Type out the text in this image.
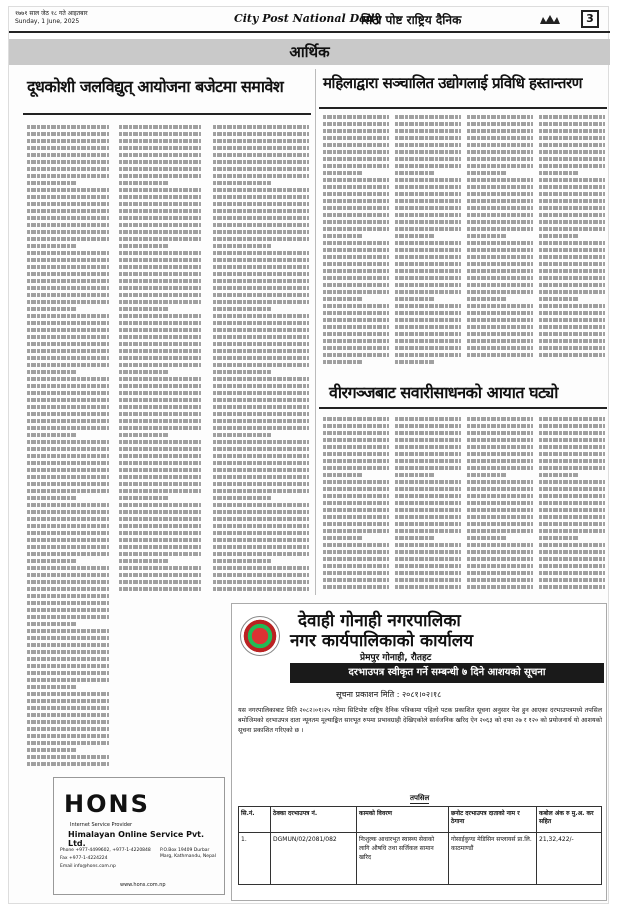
१७७१ साल जेठ १८ गते आइतबार
Sunday, 1 June, 2025	City Post National Daily
सिटी पोष्ट राष्ट्रिय दैनिक	3
आर्थिक
दूधकोशी जलविद्युत् आयोजना बजेटमा समावेश	महिलाद्वारा सञ्चालित उद्योगलाई प्रविधि हस्तान्तरण
वीरगञ्जबाट सवारीसाधनको आयात घट्यो
HONS
Internet Service Provider
Himalayan Online Service Pvt. Ltd.
Phone +977-4499602, +977-1-4220848
Fax +977-1-4224224
Email info@hons.com.np
P.O.Box 19409 Durbar Marg, Kathmandu, Nepal
www.hons.com.np
देवाही गोनाही नगरपालिका
नगर कार्यपालिकाको कार्यालय
प्रेमपुर गोनाही, रौतहट
दरभाउपत्र स्वीकृत गर्ने सम्बन्धी ७ दिने आशयको सूचना
सूचना प्रकाशन मिति : २०८१।०२।१८
यस नगरपालिकाबाट मिति २०८२।०१।२५ गतेमा सिटिपोष्ट राष्ट्रिय दैनिक पत्रिकामा पहिलो पटक प्रकाशित सूचना अनुसार पेश हुन आएका दरभाउपत्रमध्ये तपसिल बमोजिमको दरभाउपत्र दाता न्यूनतम मूल्याङ्कित सारभूत रुपमा प्रभावग्राही देखिएकोले सार्वजनिक खरिद ऐन २०६३ को दफा २७ र १२० को प्रयोजनार्थ यो आशयको सूचना प्रकाशित गरिएको छ ।
तपसिल
सि.नं.	ठेक्का दरभाउपत्र नं.	कामको विवरण	छनोट दरभाउपत्र दाताको नाम र ठेगाना	कबोल अंक रु मु.अ. कर सहित
1.	DGMUN/02/2081/082	निःशुल्क आधारभूत स्वास्थ्य सेवाको लागि औषधि तथा सर्जिकल सामान खरिद	गोसाईकुण्ड मेडिसिन सप्लायर्स प्रा.लि. काठमाण्डौं	21,32,422/-
